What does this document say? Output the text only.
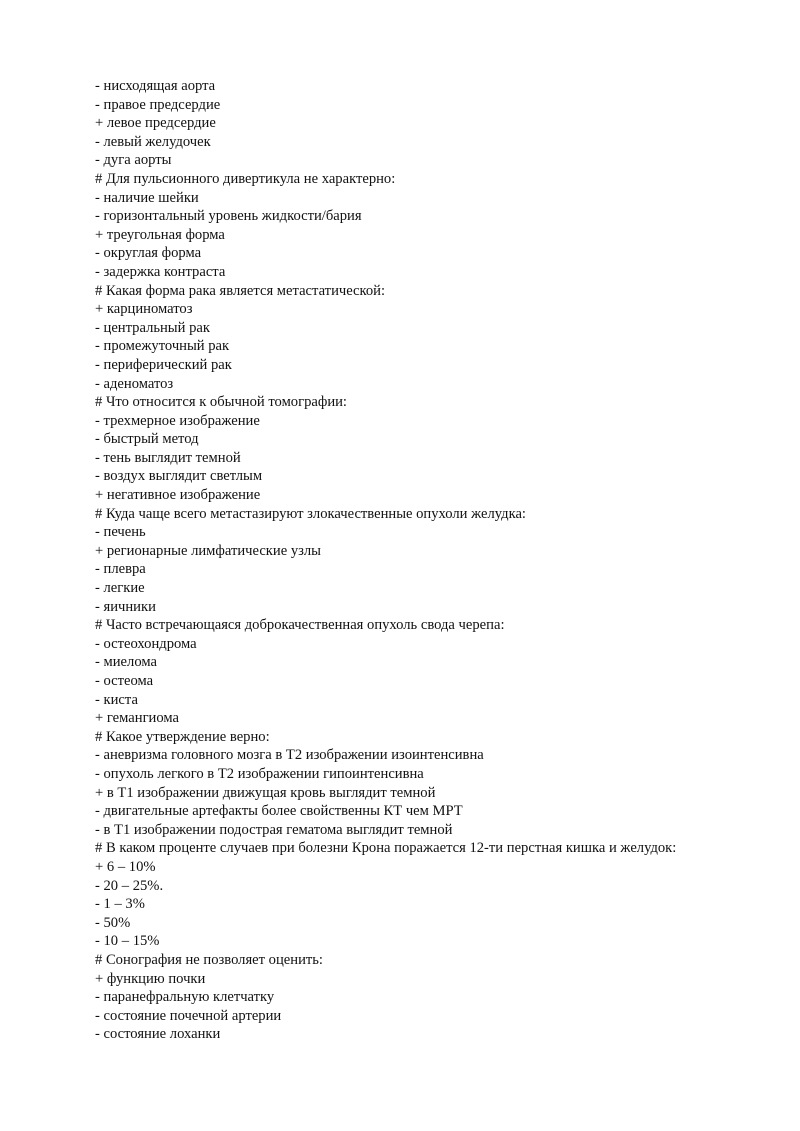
- нисходящая аорта
- правое предсердие
+ левое предсердие
- левый желудочек
- дуга аорты
# Для пульсионного дивертикула не характерно:
- наличие шейки
- горизонтальный уровень жидкости/бария
+ треугольная форма
- округлая форма
- задержка контраста
# Какая форма рака является метастатической:
+ карциноматоз
- центральный рак
- промежуточный рак
- периферический рак
- аденоматоз
# Что относится к обычной томографии:
- трехмерное изображение
- быстрый метод
- тень выглядит темной
- воздух выглядит светлым
+ негативное изображение
# Куда чаще всего метастазируют злокачественные опухоли желудка:
- печень
+ регионарные лимфатические узлы
- плевра
- легкие
- яичники
# Часто встречающаяся доброкачественная опухоль свода черепа:
- остеохондрома
- миелома
- остеома
- киста
+ гемангиома
# Какое утверждение верно:
- аневризма головного мозга в Т2 изображении изоинтенсивна
- опухоль легкого в Т2 изображении гипоинтенсивна
+ в Т1 изображении движущая кровь выглядит темной
- двигательные артефакты более свойственны КТ чем МРТ
- в Т1 изображении подострая гематома выглядит темной
# В каком проценте случаев при болезни Крона поражается 12-ти перстная кишка и желудок:
+ 6 – 10%
- 20 – 25%.
- 1 – 3%
- 50%
- 10 – 15%
# Сонография не позволяет оценить:
+ функцию почки
- паранефральную клетчатку
- состояние почечной артерии
- состояние лоханки
